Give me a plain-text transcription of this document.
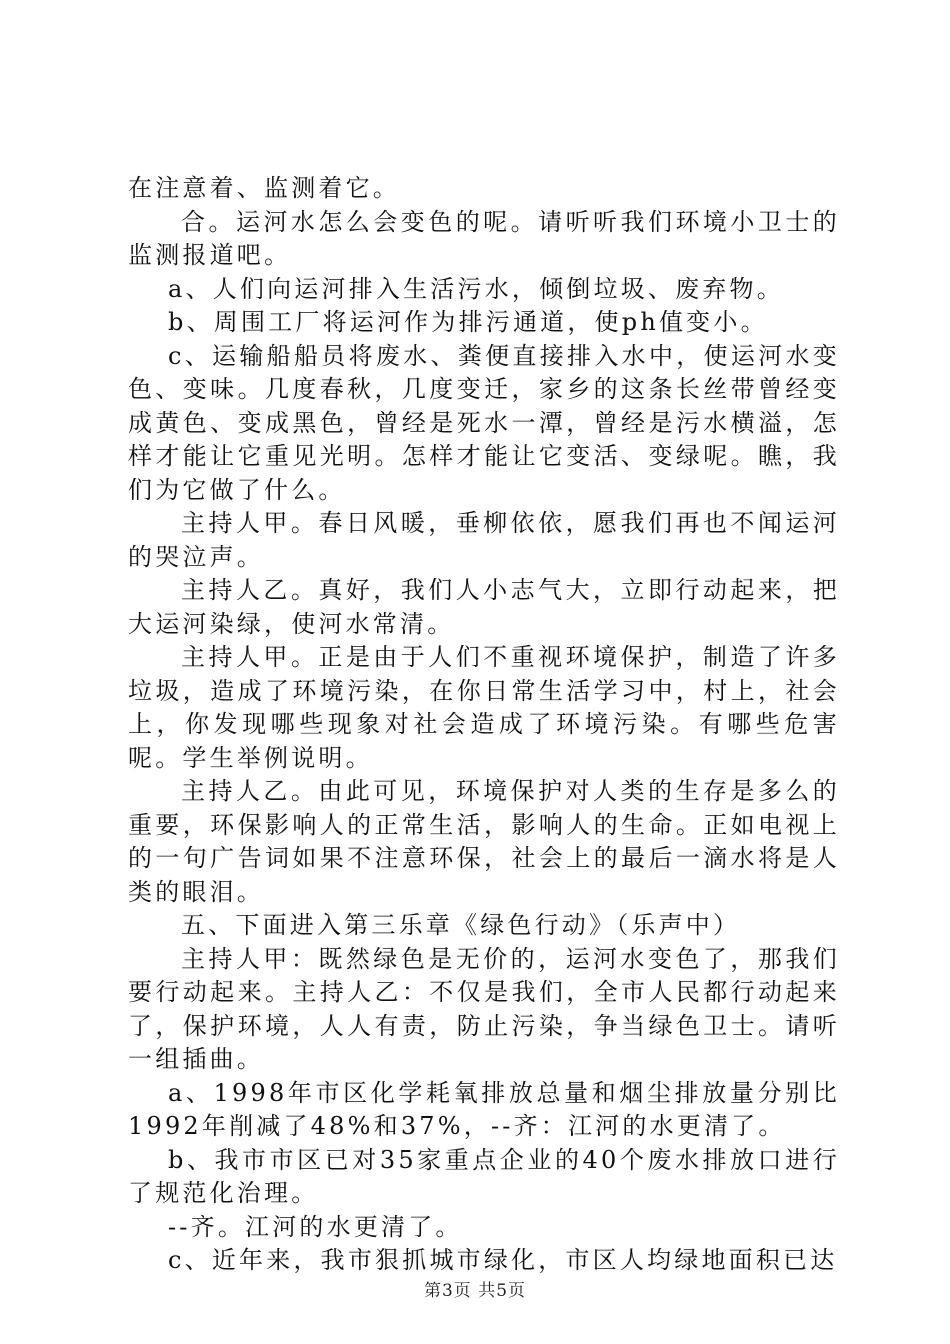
在注意着、监测着它。

合。运河水怎么会变色的呢。请听听我们环境小卫士的监测报道吧。

a、人们向运河排入生活污水，倾倒垃圾、废弃物。

b、周围工厂将运河作为排污通道，使ph值变小。

c、运输船船员将废水、粪便直接排入水中，使运河水变色、变味。几度春秋，几度变迁，家乡的这条长丝带曾经变成黄色、变成黑色，曾经是死水一潭，曾经是污水横溢，怎样才能让它重见光明。怎样才能让它变活、变绿呢。瞧，我们为它做了什么。

主持人甲。春日风暖，垂柳依依，愿我们再也不闻运河的哭泣声。

主持人乙。真好，我们人小志气大，立即行动起来，把大运河染绿，使河水常清。

主持人甲。正是由于人们不重视环境保护，制造了许多垃圾，造成了环境污染，在你日常生活学习中，村上，社会上，你发现哪些现象对社会造成了环境污染。有哪些危害呢。学生举例说明。

主持人乙。由此可见，环境保护对人类的生存是多么的重要，环保影响人的正常生活，影响人的生命。正如电视上的一句广告词如果不注意环保，社会上的最后一滴水将是人类的眼泪。

五、下面进入第三乐章《绿色行动》（乐声中）

主持人甲：既然绿色是无价的，运河水变色了，那我们要行动起来。主持人乙：不仅是我们，全市人民都行动起来了，保护环境，人人有责，防止污染，争当绿色卫士。请听一组插曲。

a、1998年市区化学耗氧排放总量和烟尘排放量分别比1992年削减了48%和37%，--齐：江河的水更清了。

b、我市市区已对35家重点企业的40个废水排放口进行了规范化治理。

--齐。江河的水更清了。

c、近年来，我市狠抓城市绿化，市区人均绿地面积已达

第3页 共5页
